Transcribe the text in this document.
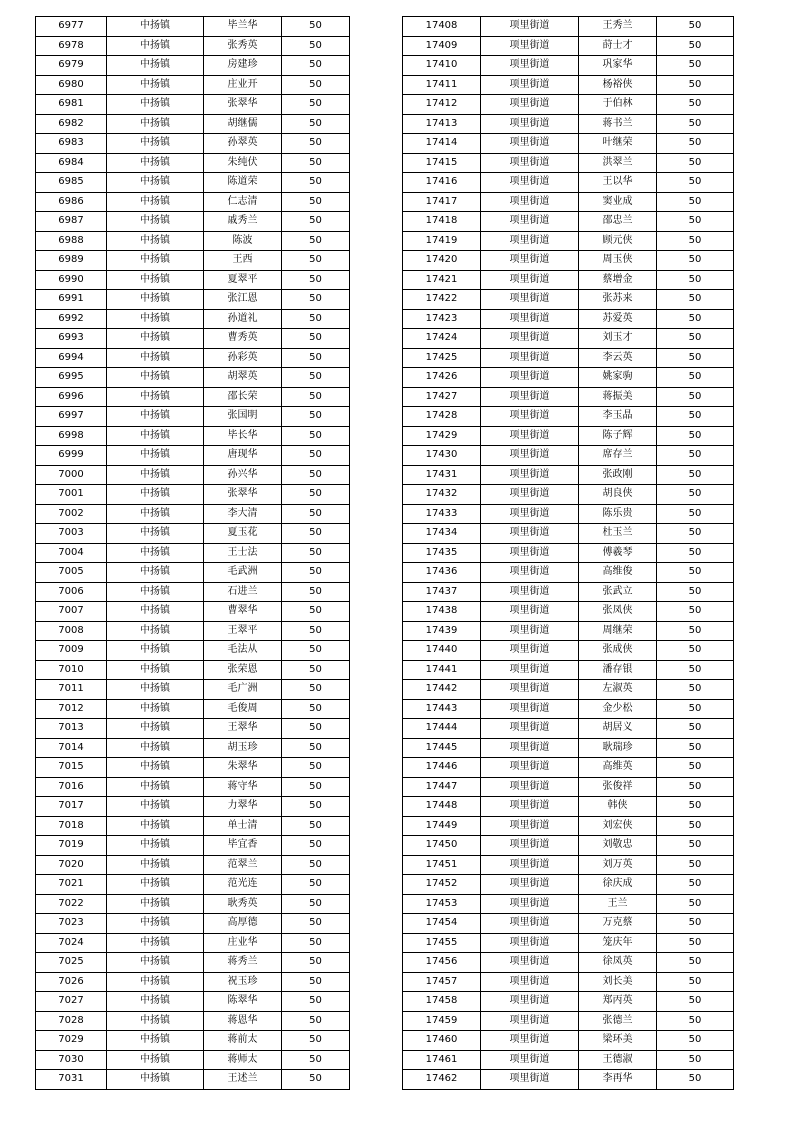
6977	中扬镇	毕兰华	50
6978	中扬镇	张秀英	50
6979	中扬镇	房建珍	50
6980	中扬镇	庄业开	50
6981	中扬镇	张翠华	50
6982	中扬镇	胡继儒	50
6983	中扬镇	孙翠英	50
6984	中扬镇	朱纯伏	50
6985	中扬镇	陈道荣	50
6986	中扬镇	仁志清	50
6987	中扬镇	戚秀兰	50
6988	中扬镇	陈波	50
6989	中扬镇	王西	50
6990	中扬镇	夏翠平	50
6991	中扬镇	张江恩	50
6992	中扬镇	孙道礼	50
6993	中扬镇	曹秀英	50
6994	中扬镇	孙彩英	50
6995	中扬镇	胡翠英	50
6996	中扬镇	邵长荣	50
6997	中扬镇	张国明	50
6998	中扬镇	毕长华	50
6999	中扬镇	唐现华	50
7000	中扬镇	孙兴华	50
7001	中扬镇	张翠华	50
7002	中扬镇	李大清	50
7003	中扬镇	夏玉花	50
7004	中扬镇	王士法	50
7005	中扬镇	毛武洲	50
7006	中扬镇	石进兰	50
7007	中扬镇	曹翠华	50
7008	中扬镇	王翠平	50
7009	中扬镇	毛法从	50
7010	中扬镇	张荣恩	50
7011	中扬镇	毛广洲	50
7012	中扬镇	毛俊周	50
7013	中扬镇	王翠华	50
7014	中扬镇	胡玉珍	50
7015	中扬镇	朱翠华	50
7016	中扬镇	蒋守华	50
7017	中扬镇	力翠华	50
7018	中扬镇	单士清	50
7019	中扬镇	毕宜香	50
7020	中扬镇	范翠兰	50
7021	中扬镇	范光连	50
7022	中扬镇	耿秀英	50
7023	中扬镇	高厚德	50
7024	中扬镇	庄业华	50
7025	中扬镇	蒋秀兰	50
7026	中扬镇	祝玉珍	50
7027	中扬镇	陈翠华	50
7028	中扬镇	蒋恩华	50
7029	中扬镇	蒋前太	50
7030	中扬镇	蒋师太	50
7031	中扬镇	王述兰	50
17408	项里街道	王秀兰	50
17409	项里街道	莳士才	50
17410	项里街道	巩家华	50
17411	项里街道	杨裕侠	50
17412	项里街道	于伯林	50
17413	项里街道	蒋书兰	50
17414	项里街道	叶继荣	50
17415	项里街道	洪翠兰	50
17416	项里街道	王以华	50
17417	项里街道	窦业成	50
17418	项里街道	邵忠兰	50
17419	项里街道	顾元侠	50
17420	项里街道	周玉侠	50
17421	项里街道	蔡增金	50
17422	项里街道	张苏来	50
17423	项里街道	苏爱英	50
17424	项里街道	刘玉才	50
17425	项里街道	李云英	50
17426	项里街道	姚家驹	50
17427	项里街道	蒋振美	50
17428	项里街道	李玉晶	50
17429	项里街道	陈子辉	50
17430	项里街道	席存兰	50
17431	项里街道	张政刚	50
17432	项里街道	胡良侠	50
17433	项里街道	陈乐贵	50
17434	项里街道	杜玉兰	50
17435	项里街道	傅羲琴	50
17436	项里街道	高维俊	50
17437	项里街道	张武立	50
17438	项里街道	张凤侠	50
17439	项里街道	周继荣	50
17440	项里街道	张成侠	50
17441	项里街道	潘存银	50
17442	项里街道	左淑英	50
17443	项里街道	金少松	50
17444	项里街道	胡居义	50
17445	项里街道	耿瑞珍	50
17446	项里街道	高维英	50
17447	项里街道	张俊祥	50
17448	项里街道	韩侠	50
17449	项里街道	刘宏侠	50
17450	项里街道	刘敬忠	50
17451	项里街道	刘万英	50
17452	项里街道	徐庆成	50
17453	项里街道	王兰	50
17454	项里街道	万克蔡	50
17455	项里街道	笼庆年	50
17456	项里街道	徐凤英	50
17457	项里街道	刘长美	50
17458	项里街道	郑丙英	50
17459	项里街道	张德兰	50
17460	项里街道	梁环美	50
17461	项里街道	王德淑	50
17462	项里街道	李再华	50
